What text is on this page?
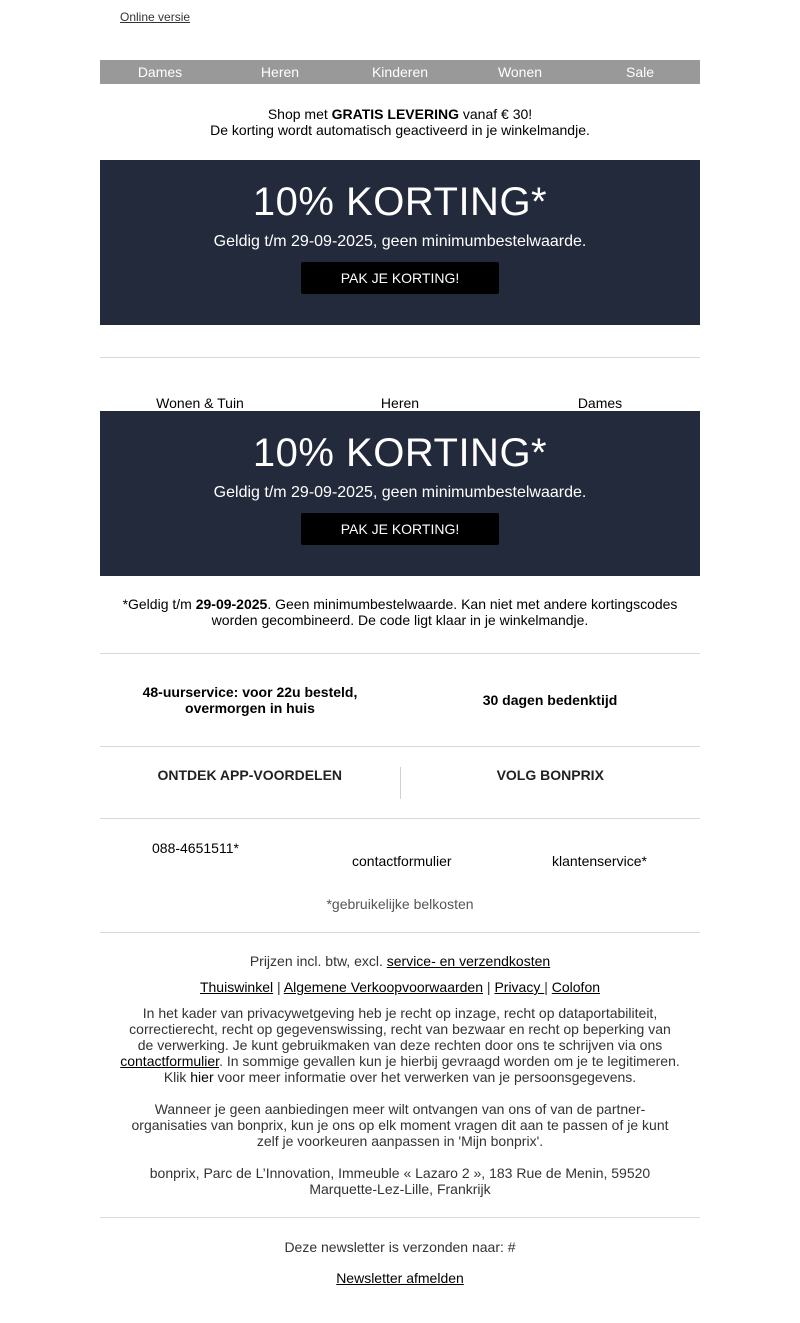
Online versie
Dames	Heren	Kinderen	Wonen	Sale
Shop met GRATIS LEVERING vanaf € 30!
De korting wordt automatisch geactiveerd in je winkelmandje.
10% KORTING*
Geldig t/m 29-09-2025, geen minimumbestelwaarde.
PAK JE KORTING!
Wonen & Tuin	Heren	Dames
10% KORTING*
Geldig t/m 29-09-2025, geen minimumbestelwaarde.
PAK JE KORTING!
*Geldig t/m 29-09-2025. Geen minimumbestelwaarde. Kan niet met andere kortingscodes worden gecombineerd. De code ligt klaar in je winkelmandje.
48-uurservice: voor 22u besteld,
overmorgen in huis	30 dagen bedenktijd
ONTDEK APP-VOORDELEN	VOLG BONPRIX
088-4651511*
contactformulier	klantenservice*
*gebruikelijke belkosten

Prijzen incl. btw, excl. service- en verzendkosten

Thuiswinkel | Algemene Verkoopvoorwaarden | Privacy | Colofon

In het kader van privacywetgeving heb je recht op inzage, recht op dataportabiliteit, correctierecht, recht op gegevenswissing, recht van bezwaar en recht op beperking van de verwerking. Je kunt gebruikmaken van deze rechten door ons te schrijven via ons contactformulier. In sommige gevallen kun je hierbij gevraagd worden om je te legitimeren. Klik hier voor meer informatie over het verwerken van je persoonsgegevens.

Wanneer je geen aanbiedingen meer wilt ontvangen van ons of van de partner-organisaties van bonprix, kun je ons op elk moment vragen dit aan te passen of je kunt zelf je voorkeuren aanpassen in 'Mijn bonprix'.

bonprix, Parc de L’Innovation, Immeuble « Lazaro 2 », 183 Rue de Menin, 59520 Marquette-Lez-Lille, Frankrijk

Deze newsletter is verzonden naar: #
Newsletter afmelden
